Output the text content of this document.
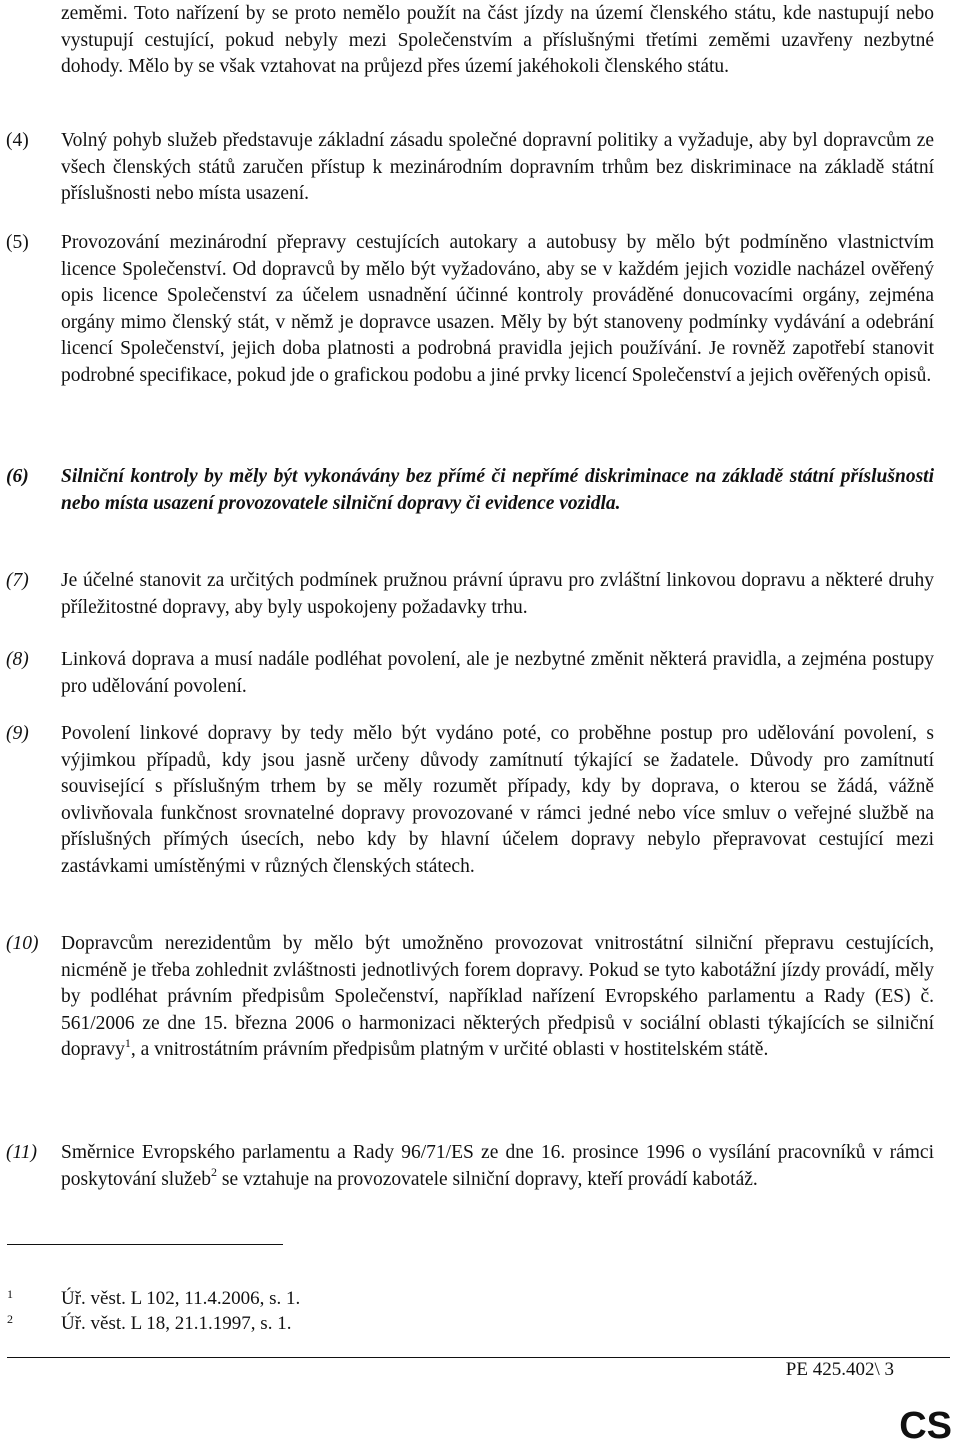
zeměmi. Toto nařízení by se proto nemělo použít na část jízdy na území členského státu, kde nastupují nebo vystupují cestující, pokud nebyly mezi Společenstvím a příslušnými třetími zeměmi uzavřeny nezbytné dohody. Mělo by se však vztahovat na průjezd přes území jakéhokoli členského státu.
(4)	Volný pohyb služeb představuje základní zásadu společné dopravní politiky a vyžaduje, aby byl dopravcům ze všech členských států zaručen přístup k mezinárodním dopravním trhům bez diskriminace na základě státní příslušnosti nebo místa usazení.
(5)	Provozování mezinárodní přepravy cestujících autokary a autobusy by mělo být podmíněno vlastnictvím licence Společenství. Od dopravců by mělo být vyžadováno, aby se v každém jejich vozidle nacházel ověřený opis licence Společenství za účelem usnadnění účinné kontroly prováděné donucovacími orgány, zejména orgány mimo členský stát, v němž je dopravce usazen. Měly by být stanoveny podmínky vydávání a odebrání licencí Společenství, jejich doba platnosti a podrobná pravidla jejich používání. Je rovněž zapotřebí stanovit podrobné specifikace, pokud jde o grafickou podobu a jiné prvky licencí Společenství a jejich ověřených opisů.
(6)	Silniční kontroly by měly být vykonávány bez přímé či nepřímé diskriminace na základě státní příslušnosti nebo místa usazení provozovatele silniční dopravy či evidence vozidla.
(7)	Je účelné stanovit za určitých podmínek pružnou právní úpravu pro zvláštní linkovou dopravu a některé druhy příležitostné dopravy, aby byly uspokojeny požadavky trhu.
(8)	Linková doprava a musí nadále podléhat povolení, ale je nezbytné změnit některá pravidla, a zejména postupy pro udělování povolení.
(9)	Povolení linkové dopravy by tedy mělo být vydáno poté, co proběhne postup pro udělování povolení, s výjimkou případů, kdy jsou jasně určeny důvody zamítnutí týkající se žadatele. Důvody pro zamítnutí související s příslušným trhem by se měly rozumět případy, kdy by doprava, o kterou se žádá, vážně ovlivňovala funkčnost srovnatelné dopravy provozované v rámci jedné nebo více smluv o veřejné službě na příslušných přímých úsecích, nebo kdy by hlavní účelem dopravy nebylo přepravovat cestující mezi zastávkami umístěnými v různých členských státech.
(10)	Dopravcům nerezidentům by mělo být umožněno provozovat vnitrostátní silniční přepravu cestujících, nicméně je třeba zohlednit zvláštnosti jednotlivých forem dopravy. Pokud se tyto kabotážní jízdy provádí, měly by podléhat právním předpisům Společenství, například nařízení Evropského parlamentu a Rady (ES) č. 561/2006 ze dne 15. března 2006 o harmonizaci některých předpisů v sociální oblasti týkajících se silniční dopravy$^1$, a vnitrostátním právním předpisům platným v určité oblasti v hostitelském státě.
(11)	Směrnice Evropského parlamentu a Rady 96/71/ES ze dne 16. prosince 1996 o vysílání pracovníků v rámci poskytování služeb$^2$ se vztahuje na provozovatele silniční dopravy, kteří provádí kabotáž.
1	Úř. věst. L 102, 11.4.2006, s. 1.
2	Úř. věst. L 18, 21.1.1997, s. 1.
PE 425.402\ 3
CS
